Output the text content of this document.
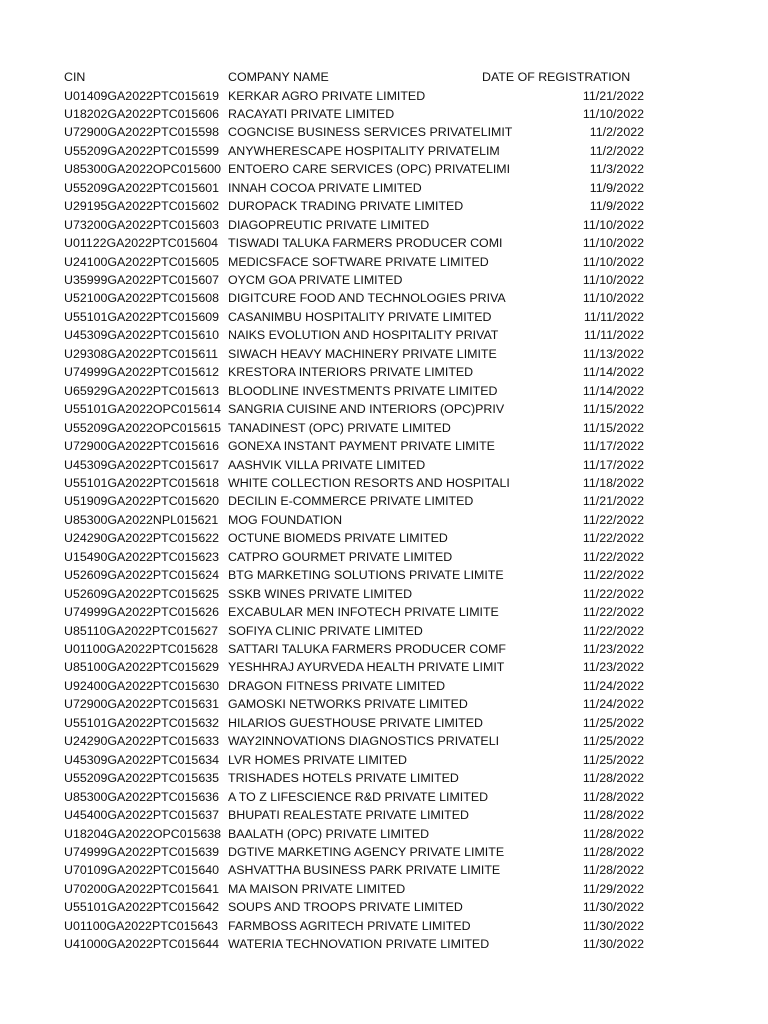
CIN	COMPANY NAME	DATE OF REGISTRATION
U01409GA2022PTC015619 KERKAR AGRO PRIVATE LIMITED	11/21/2022
U18202GA2022PTC015606 RACAYATI PRIVATE LIMITED	11/10/2022
U72900GA2022PTC015598 COGNCISE BUSINESS SERVICES PRIVATELIMIT	11/2/2022
U55209GA2022PTC015599 ANYWHERESCAPE HOSPITALITY PRIVATELIM	11/2/2022
U85300GA2022OPC015600 ENTOERO CARE SERVICES (OPC) PRIVATELIMI	11/3/2022
U55209GA2022PTC015601 INNAH COCOA PRIVATE LIMITED	11/9/2022
U29195GA2022PTC015602 DUROPACK TRADING PRIVATE LIMITED	11/9/2022
U73200GA2022PTC015603 DIAGOPREUTIC PRIVATE LIMITED	11/10/2022
U01122GA2022PTC015604 TISWADI TALUKA FARMERS PRODUCER COMI	11/10/2022
U24100GA2022PTC015605 MEDICSFACE SOFTWARE PRIVATE LIMITED	11/10/2022
U35999GA2022PTC015607 OYCM GOA PRIVATE LIMITED	11/10/2022
U52100GA2022PTC015608 DIGITCURE FOOD AND TECHNOLOGIES PRIVA	11/10/2022
U55101GA2022PTC015609 CASANIMBU HOSPITALITY PRIVATE LIMITED	11/11/2022
U45309GA2022PTC015610 NAIKS EVOLUTION AND HOSPITALITY PRIVAT	11/11/2022
U29308GA2022PTC015611 SIWACH HEAVY MACHINERY PRIVATE LIMITE	11/13/2022
U74999GA2022PTC015612 KRESTORA INTERIORS PRIVATE LIMITED	11/14/2022
U65929GA2022PTC015613 BLOODLINE INVESTMENTS PRIVATE LIMITED	11/14/2022
U55101GA2022OPC015614 SANGRIA CUISINE AND INTERIORS (OPC)PRIV	11/15/2022
U55209GA2022OPC015615 TANADINEST (OPC) PRIVATE LIMITED	11/15/2022
U72900GA2022PTC015616 GONEXA INSTANT PAYMENT PRIVATE LIMITE	11/17/2022
U45309GA2022PTC015617 AASHVIK VILLA PRIVATE LIMITED	11/17/2022
U55101GA2022PTC015618 WHITE COLLECTION RESORTS AND HOSPITALI	11/18/2022
U51909GA2022PTC015620 DECILIN E-COMMERCE PRIVATE LIMITED	11/21/2022
U85300GA2022NPL015621 MOG FOUNDATION	11/22/2022
U24290GA2022PTC015622 OCTUNE BIOMEDS PRIVATE LIMITED	11/22/2022
U15490GA2022PTC015623 CATPRO GOURMET PRIVATE LIMITED	11/22/2022
U52609GA2022PTC015624 BTG MARKETING SOLUTIONS PRIVATE LIMITE	11/22/2022
U52609GA2022PTC015625 SSKB WINES PRIVATE LIMITED	11/22/2022
U74999GA2022PTC015626 EXCABULAR MEN INFOTECH PRIVATE LIMITE	11/22/2022
U85110GA2022PTC015627 SOFIYA CLINIC PRIVATE LIMITED	11/22/2022
U01100GA2022PTC015628 SATTARI TALUKA FARMERS PRODUCER COMF	11/23/2022
U85100GA2022PTC015629 YESHHRAJ AYURVEDA HEALTH PRIVATE LIMIT	11/23/2022
U92400GA2022PTC015630 DRAGON FITNESS PRIVATE LIMITED	11/24/2022
U72900GA2022PTC015631 GAMOSKI NETWORKS PRIVATE LIMITED	11/24/2022
U55101GA2022PTC015632 HILARIOS GUESTHOUSE PRIVATE LIMITED	11/25/2022
U24290GA2022PTC015633 WAY2INNOVATIONS DIAGNOSTICS PRIVATELI	11/25/2022
U45309GA2022PTC015634 LVR HOMES PRIVATE LIMITED	11/25/2022
U55209GA2022PTC015635 TRISHADES HOTELS PRIVATE LIMITED	11/28/2022
U85300GA2022PTC015636 A TO Z LIFESCIENCE R&D PRIVATE LIMITED	11/28/2022
U45400GA2022PTC015637 BHUPATI REALESTATE PRIVATE LIMITED	11/28/2022
U18204GA2022OPC015638 BAALATH (OPC) PRIVATE LIMITED	11/28/2022
U74999GA2022PTC015639 DGTIVE MARKETING AGENCY PRIVATE LIMITE	11/28/2022
U70109GA2022PTC015640 ASHVATTHA BUSINESS PARK PRIVATE LIMITE	11/28/2022
U70200GA2022PTC015641 MA MAISON PRIVATE LIMITED	11/29/2022
U55101GA2022PTC015642 SOUPS AND TROOPS PRIVATE LIMITED	11/30/2022
U01100GA2022PTC015643 FARMBOSS AGRITECH PRIVATE LIMITED	11/30/2022
U41000GA2022PTC015644 WATERIA TECHNOVATION PRIVATE LIMITED	11/30/2022
